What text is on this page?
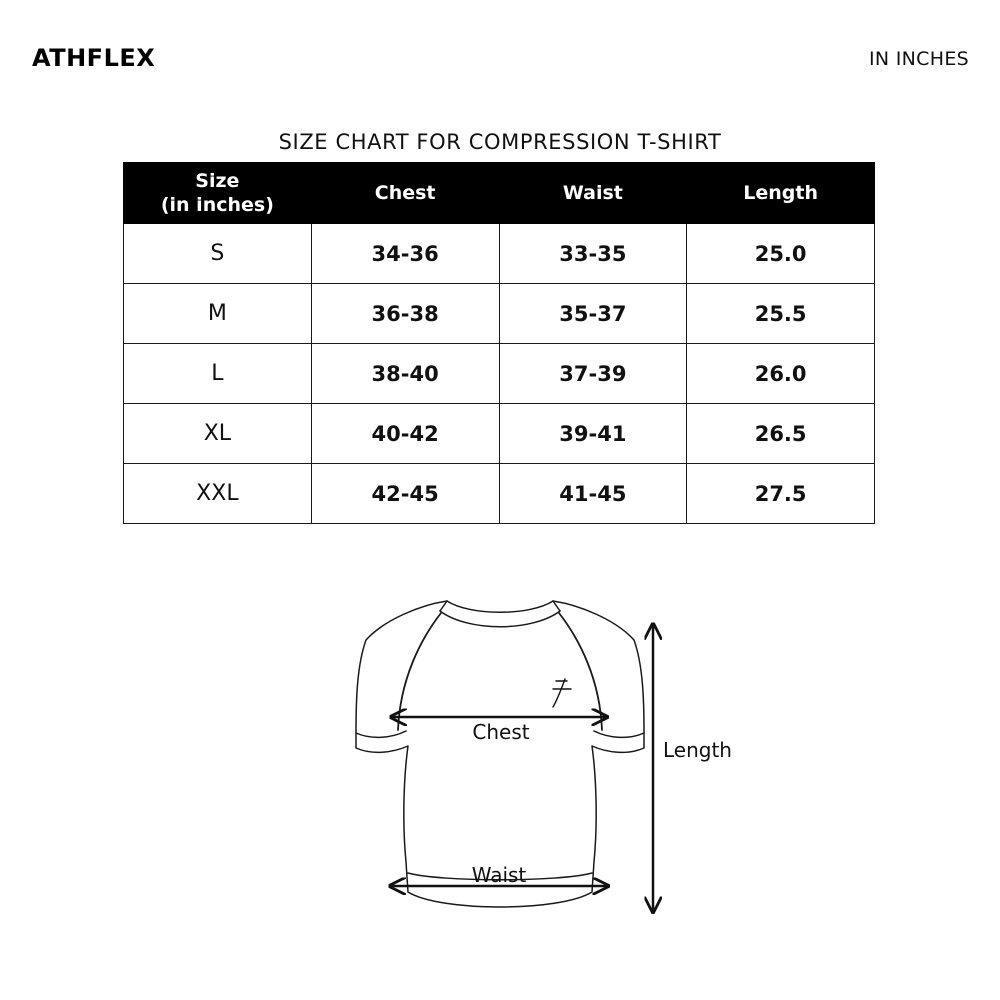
ATHFLEX	IN INCHES
SIZE CHART FOR COMPRESSION T-SHIRT
Size
(in inches)	Chest	Waist	Length
S	34-36	33-35	25.0
M	36-38	35-37	25.5
L	38-40	37-39	26.0
XL	40-42	39-41	26.5
XXL	42-45	41-45	27.5
Chest
Waist
Length
